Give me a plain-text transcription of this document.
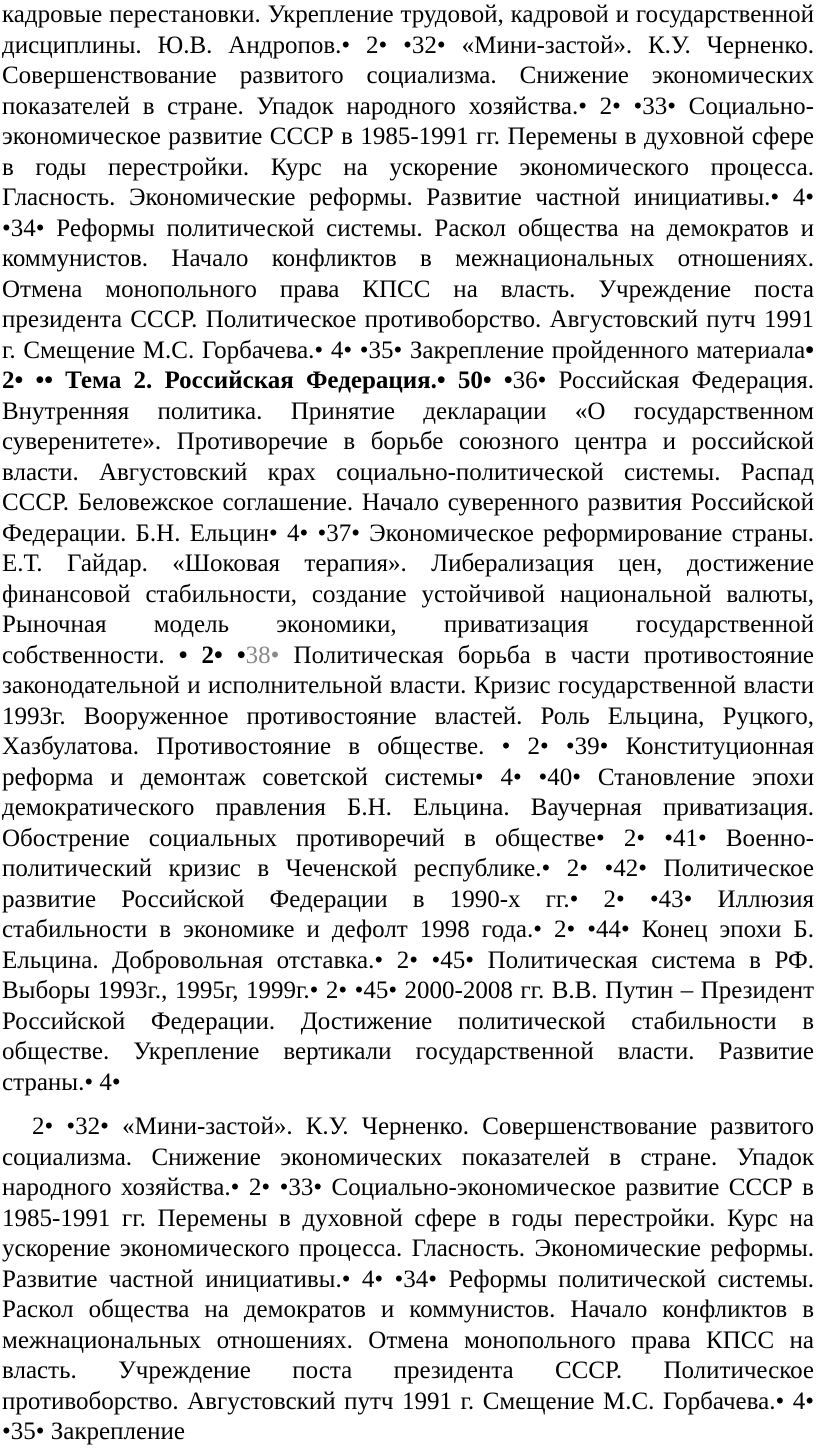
кадровые перестановки. Укрепление трудовой, кадровой и государственной дисциплины. Ю.В. Андропов.• 2• •32• «Мини-застой». К.У. Черненко. Совершенствование развитого социализма. Снижение экономических показателей в стране. Упадок народного хозяйства.• 2• •33• Социально-экономическое развитие СССР в 1985-1991 гг. Перемены в духовной сфере в годы перестройки. Курс на ускорение экономического процесса. Гласность. Экономические реформы. Развитие частной инициативы.• 4• •34• Реформы политической системы. Раскол общества на демократов и коммунистов. Начало конфликтов в межнациональных отношениях. Отмена монопольного права КПСС на власть. Учреждение поста президента СССР. Политическое противоборство. Августовский путч 1991 г. Смещение М.С. Горбачева.• 4• •35• Закрепление пройденного материала• 2• •• Тема 2. Российская Федерация.• 50• •36• Российская Федерация. Внутренняя политика. Принятие декларации «О государственном суверенитете». Противоречие в борьбе союзного центра и российской власти. Августовский крах социально-политической системы. Распад СССР. Беловежское соглашение. Начало суверенного развития Российской Федерации. Б.Н. Ельцин• 4• •37• Экономическое реформирование страны. Е.Т. Гайдар. «Шоковая терапия». Либерализация цен, достижение финансовой стабильности, создание устойчивой национальной валюты, Рыночная модель экономики, приватизация государственной собственности. • 2• •38• Политическая борьба в части противостояние законодательной и исполнительной власти. Кризис государственной власти 1993г. Вооруженное противостояние властей. Роль Ельцина, Руцкого, Хазбулатова. Противостояние в обществе. • 2• •39• Конституционная реформа и демонтаж советской системы• 4• •40• Становление эпохи демократического правления Б.Н. Ельцина. Ваучерная приватизация. Обострение социальных противоречий в обществе• 2• •41• Военно-политический кризис в Чеченской республике.• 2• •42• Политическое развитие Российской Федерации в 1990-х гг.• 2• •43• Иллюзия стабильности в экономике и дефолт 1998 года.• 2• •44• Конец эпохи Б. Ельцина. Добровольная отставка.• 2• •45• Политическая система в РФ. Выборы 1993г., 1995г, 1999г.• 2• •45• 2000-2008 гг. В.В. Путин – Президент Российской Федерации. Достижение политической стабильности в обществе. Укрепление вертикали государственной власти. Развитие страны.• 4•

2• •32• «Мини-застой». К.У. Черненко. Совершенствование развитого социализма. Снижение экономических показателей в стране. Упадок народного хозяйства.• 2• •33• Социально-экономическое развитие СССР в 1985-1991 гг. Перемены в духовной сфере в годы перестройки. Курс на ускорение экономического процесса. Гласность. Экономические реформы. Развитие частной инициативы.• 4• •34• Реформы политической системы. Раскол общества на демократов и коммунистов. Начало конфликтов в межнациональных отношениях. Отмена монопольного права КПСС на власть. Учреждение поста президента СССР. Политическое противоборство. Августовский путч 1991 г. Смещение М.С. Горбачева.• 4• •35• Закрепление
